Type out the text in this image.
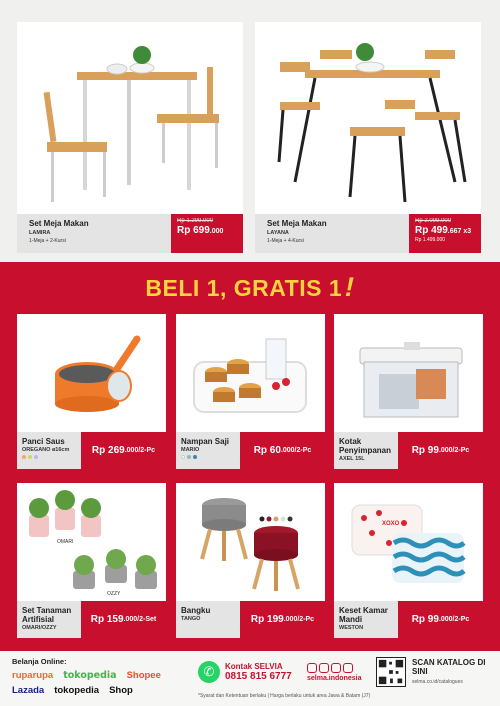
Set Meja Makan
LAMIRA
1-Meja + 2-Kursi
Rp 1.299.000
Rp 699.000
Set Meja Makan
LAYANA
1-Meja + 4-Kursi
Rp 2.099.000
Rp 499.667 x3
Rp 1.499.000
BELI 1, GRATIS 1!
Panci Saus
OREGANO ø16cm	Rp 269 .000/2-Pc
Nampan Saji
MARIO	Rp 60 .000/2-Pc
Kotak Penyimpanan
AXEL 15L
Rp 99 .000/2-Pc
OMARI
OZZY
Set Tanaman Artifisial
OMARI/OZZY
Rp 159 .000/2-Set
Bangku
TANGO	Rp 199 .000/2-Pc
XOXO
Keset Kamar Mandi
WESTON
Rp 99 .000/2-Pc
Belanja Online:
ruparupa tokopedia Shopee
Lazada tokopedia Shop
✆	Kontak SELVIA
0815 815 6777 selma.indonesia
SCAN KATALOG DI SINI
selma.co.id/catalogues
*Syarat dan Ketentuan berlaku | Harga berlaku untuk area Jawa & Batam (J7)
